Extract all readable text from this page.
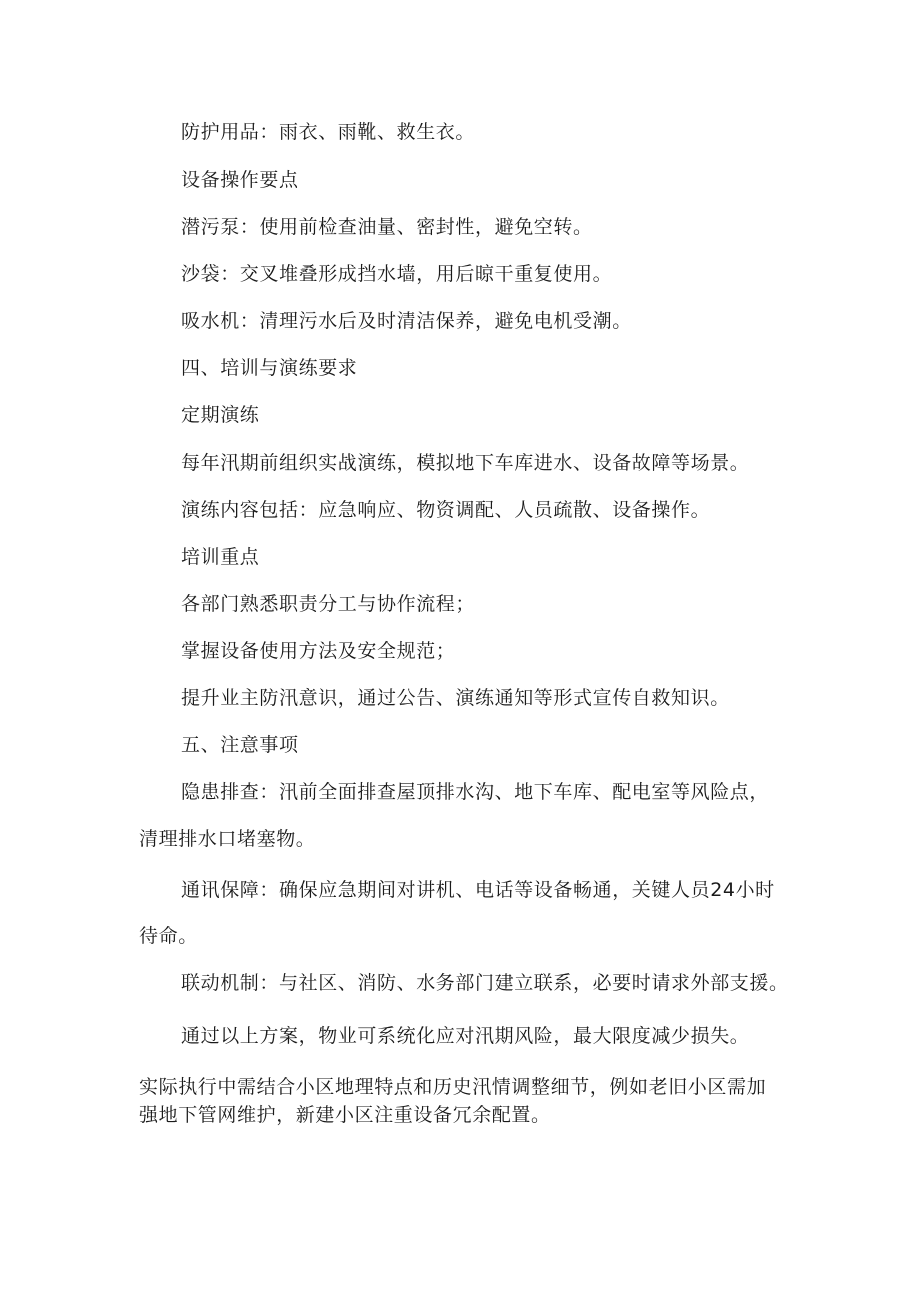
防护用品：雨衣、雨靴、救生衣。
设备操作要点
潜污泵：使用前检查油量、密封性，避免空转。
沙袋：交叉堆叠形成挡水墙，用后晾干重复使用。
吸水机：清理污水后及时清洁保养，避免电机受潮。
四、培训与演练要求
定期演练
每年汛期前组织实战演练，模拟地下车库进水、设备故障等场景。
演练内容包括：应急响应、物资调配、人员疏散、设备操作。
培训重点
各部门熟悉职责分工与协作流程；
掌握设备使用方法及安全规范；
提升业主防汛意识，通过公告、演练通知等形式宣传自救知识。
五、注意事项
隐患排查：汛前全面排查屋顶排水沟、地下车库、配电室等风险点，
清理排水口堵塞物。
通讯保障：确保应急期间对讲机、电话等设备畅通，关键人员24小时
待命。
联动机制：与社区、消防、水务部门建立联系，必要时请求外部支援。
通过以上方案，物业可系统化应对汛期风险，最大限度减少损失。
实际执行中需结合小区地理特点和历史汛情调整细节，例如老旧小区需加
强地下管网维护，新建小区注重设备冗余配置。
